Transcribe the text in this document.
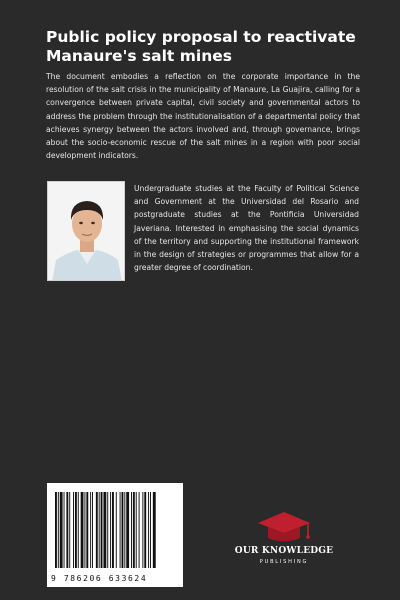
Public policy proposal to reactivate Manaure's salt mines

The document embodies a reflection on the corporate importance in the resolution of the salt crisis in the municipality of Manaure, La Guajira, calling for a convergence between private capital, civil society and governmental actors to address the problem through the institutionalisation of a departmental policy that achieves synergy between the actors involved and, through governance, brings about the socio-economic rescue of the salt mines in a region with poor social development indicators.

Undergraduate studies at the Faculty of Political Science and Government at the Universidad del Rosario and postgraduate studies at the Pontificia Universidad Javeriana. Interested in emphasising the social dynamics of the territory and supporting the institutional framework in the design of strategies or programmes that allow for a greater degree of coordination.

9 786206 633624
OUR KNOWLEDGE
PUBLISHING
